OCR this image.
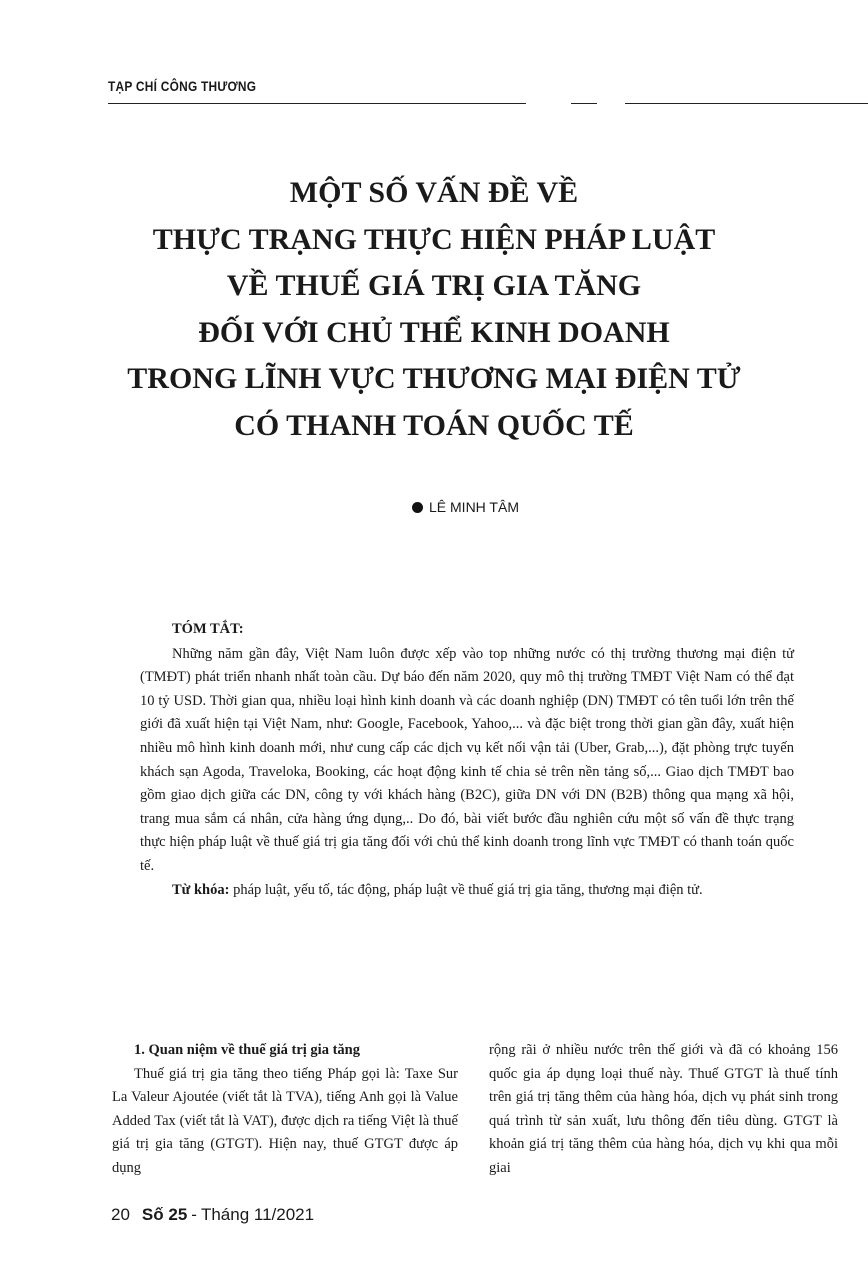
TẠP CHÍ CÔNG THƯƠNG
MỘT SỐ VẤN ĐỀ VỀ
THỰC TRẠNG THỰC HIỆN PHÁP LUẬT
VỀ THUẾ GIÁ TRỊ GIA TĂNG
ĐỐI VỚI CHỦ THỂ KINH DOANH
TRONG LĨNH VỰC THƯƠNG MẠI ĐIỆN TỬ
CÓ THANH TOÁN QUỐC TẾ
LÊ MINH TÂM

TÓM TẮT:

Những năm gần đây, Việt Nam luôn được xếp vào top những nước có thị trường thương mại điện tử (TMĐT) phát triển nhanh nhất toàn cầu. Dự báo đến năm 2020, quy mô thị trường TMĐT Việt Nam có thể đạt 10 tỷ USD. Thời gian qua, nhiều loại hình kinh doanh và các doanh nghiệp (DN) TMĐT có tên tuổi lớn trên thế giới đã xuất hiện tại Việt Nam, như: Google, Facebook, Yahoo,... và đặc biệt trong thời gian gần đây, xuất hiện nhiều mô hình kinh doanh mới, như cung cấp các dịch vụ kết nối vận tải (Uber, Grab,...), đặt phòng trực tuyến khách sạn Agoda, Traveloka, Booking, các hoạt động kinh tế chia sẻ trên nền tảng số,... Giao dịch TMĐT bao gồm giao dịch giữa các DN, công ty với khách hàng (B2C), giữa DN với DN (B2B) thông qua mạng xã hội, trang mua sắm cá nhân, cửa hàng ứng dụng,.. Do đó, bài viết bước đầu nghiên cứu một số vấn đề thực trạng thực hiện pháp luật về thuế giá trị gia tăng đối với chủ thể kinh doanh trong lĩnh vực TMĐT có thanh toán quốc tế.

Từ khóa: pháp luật, yếu tố, tác động, pháp luật về thuế giá trị gia tăng, thương mại điện tử.

1. Quan niệm về thuế giá trị gia tăng

Thuế giá trị gia tăng theo tiếng Pháp gọi là: Taxe Sur La Valeur Ajoutée (viết tắt là TVA), tiếng Anh gọi là Value Added Tax (viết tắt là VAT), được dịch ra tiếng Việt là thuế giá trị gia tăng (GTGT). Hiện nay, thuế GTGT được áp dụng

rộng rãi ở nhiều nước trên thế giới và đã có khoảng 156 quốc gia áp dụng loại thuế này. Thuế GTGT là thuế tính trên giá trị tăng thêm của hàng hóa, dịch vụ phát sinh trong quá trình từ sản xuất, lưu thông đến tiêu dùng. GTGT là khoản giá trị tăng thêm của hàng hóa, dịch vụ khi qua mỗi giai

20 Số 25 - Tháng 11/2021
